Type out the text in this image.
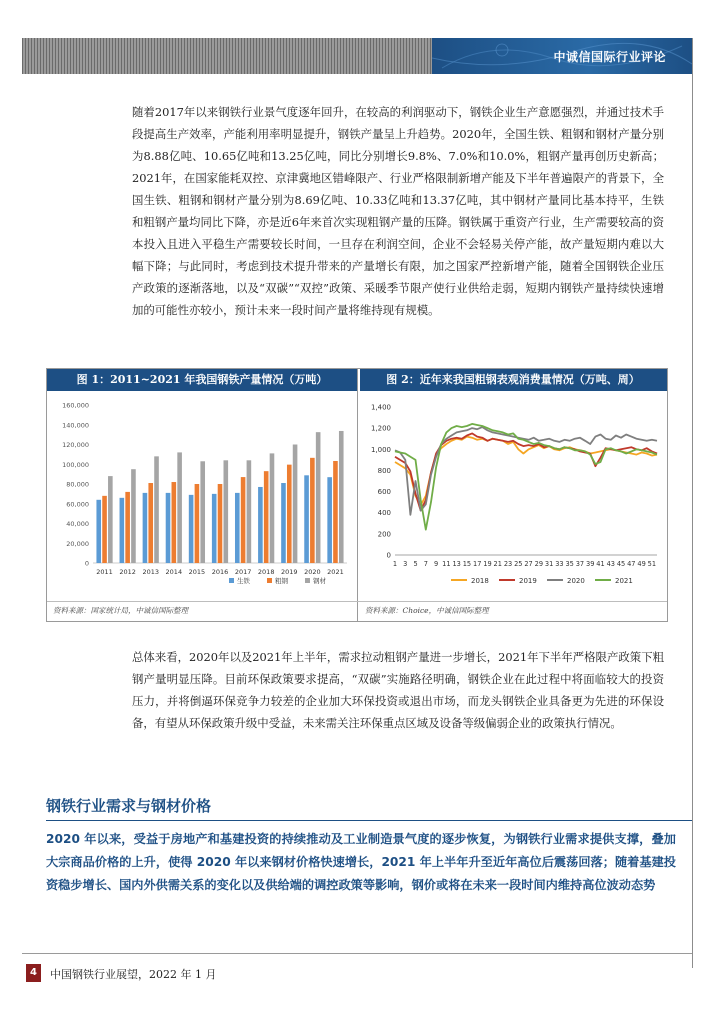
中诚信国际行业评论

随着2017年以来钢铁行业景气度逐年回升，在较高的利润驱动下，钢铁企业生产意愿强烈，并通过技术手段提高生产效率，产能利用率明显提升，钢铁产量呈上升趋势。2020年，全国生铁、粗钢和钢材产量分别为8.88亿吨、10.65亿吨和13.25亿吨，同比分别增长9.8%、7.0%和10.0%，粗钢产量再创历史新高；2021年，在国家能耗双控、京津冀地区错峰限产、行业严格限制新增产能及下半年普遍限产的背景下，全国生铁、粗钢和钢材产量分别为8.69亿吨、10.33亿吨和13.37亿吨，其中钢材产量同比基本持平，生铁和粗钢产量均同比下降，亦是近6年来首次实现粗钢产量的压降。钢铁属于重资产行业，生产需要较高的资本投入且进入平稳生产需要较长时间，一旦存在利润空间，企业不会轻易关停产能，故产量短期内难以大幅下降；与此同时，考虑到技术提升带来的产量增长有限，加之国家严控新增产能，随着全国钢铁企业压产政策的逐渐落地，以及“双碳”“双控”政策、采暖季节限产使行业供给走弱，短期内钢铁产量持续快速增加的可能性亦较小，预计未来一段时间产量将维持现有规模。

图 1：2011~2021 年我国钢铁产量情况（万吨）	图 2：近年来我国粗钢表观消费量情况（万吨、周）
0
20,000
40,000
60,000
80,000
100,000
120,000
140,000
160,000
2011 2012 2013 2014 2015 2016 2017 2018 2019 2020 2021
生铁	粗钢	钢材
0
200
400
600
800
1,000
1,200
1,400
1 3 5 7 9 11 13 15 17 19 21 23 25 27 29 31 33 35 37 39 41 43 45 47 49 51
2018	2019	2020	2021
资料来源：国家统计局，中诚信国际整理	资料来源：Choice，中诚信国际整理

总体来看，2020年以及2021年上半年，需求拉动粗钢产量进一步增长，2021年下半年严格限产政策下粗钢产量明显压降。目前环保政策要求提高，“双碳”实施路径明确，钢铁企业在此过程中将面临较大的投资压力，并将倒逼环保竞争力较差的企业加大环保投资或退出市场，而龙头钢铁企业具备更为先进的环保设备，有望从环保政策升级中受益，未来需关注环保重点区域及设备等级偏弱企业的政策执行情况。

钢铁行业需求与钢材价格

2020 年以来，受益于房地产和基建投资的持续推动及工业制造景气度的逐步恢复，为钢铁行业需求提供支撑，叠加大宗商品价格的上升，使得 2020 年以来钢材价格快速增长，2021 年上半年升至近年高位后震荡回落；随着基建投资稳步增长、国内外供需关系的变化以及供给端的调控政策等影响，钢价或将在未来一段时间内维持高位波动态势

4	中国钢铁行业展望，2022 年 1 月
